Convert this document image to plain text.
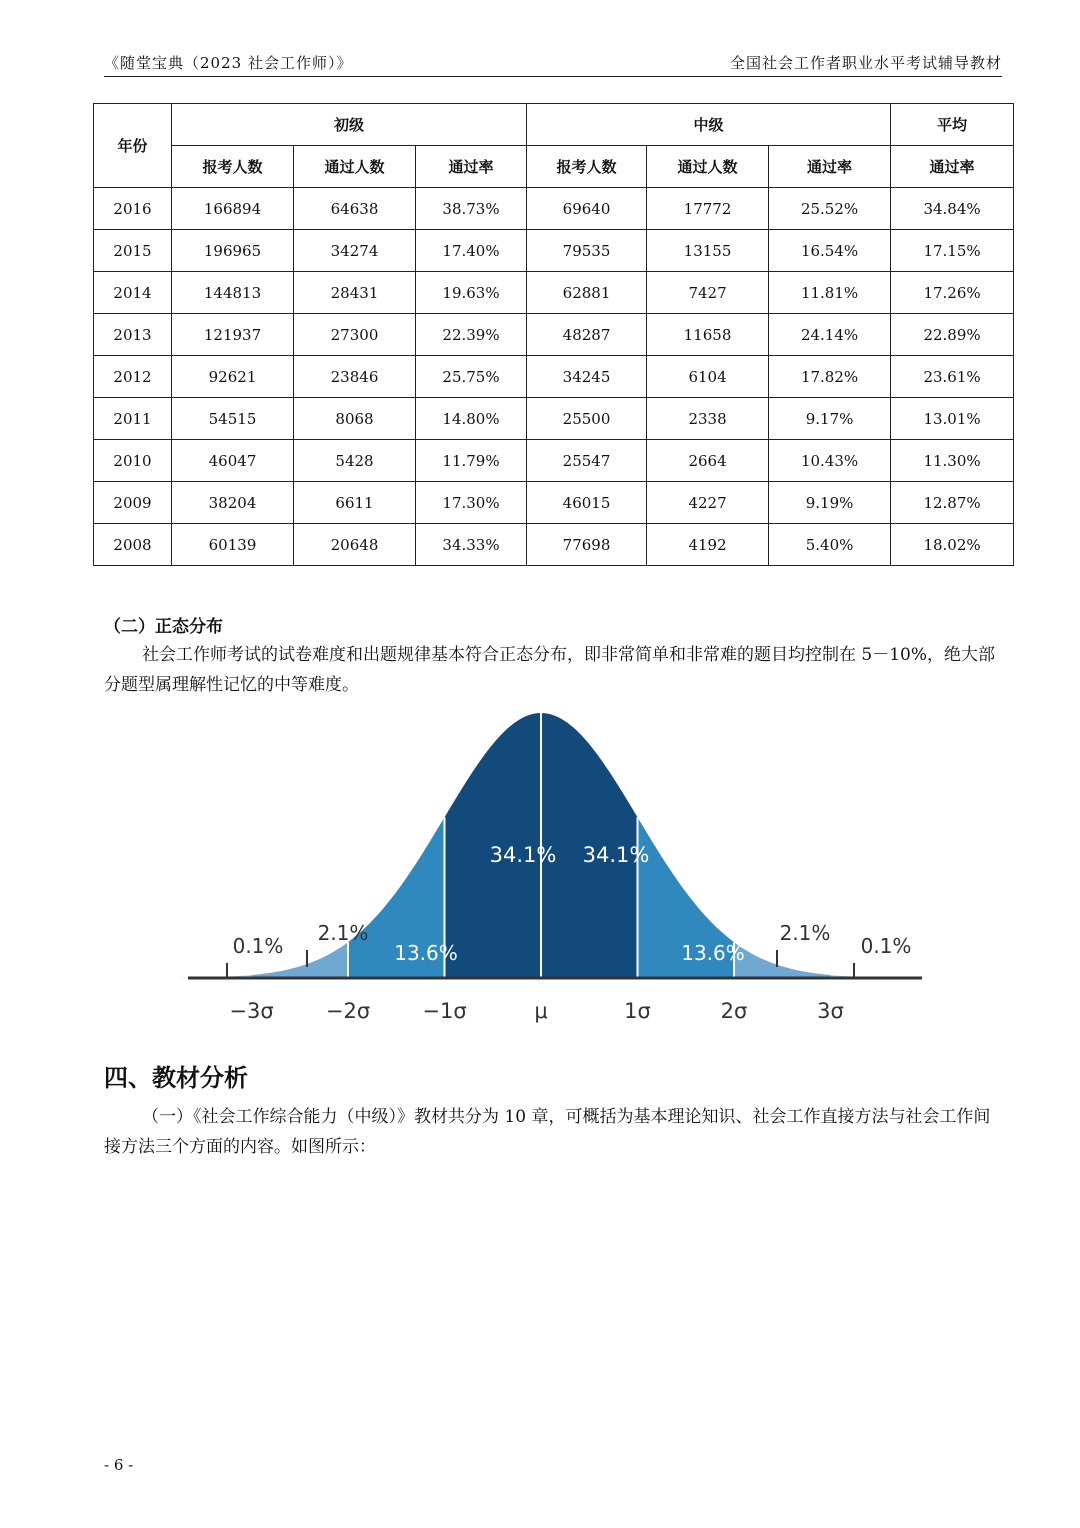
《随堂宝典（2023 社会工作师）》	全国社会工作者职业水平考试辅导教材
年份	初级			中级			平均
	报考人数	通过人数	通过率	报考人数	通过人数	通过率	通过率
2016	166894	64638	38.73%	69640	17772	25.52%	34.84%
2015	196965	34274	17.40%	79535	13155	16.54%	17.15%
2014	144813	28431	19.63%	62881	7427	11.81%	17.26%
2013	121937	27300	22.39%	48287	11658	24.14%	22.89%
2012	92621	23846	25.75%	34245	6104	17.82%	23.61%
2011	54515	8068	14.80%	25500	2338	9.17%	13.01%
2010	46047	5428	11.79%	25547	2664	10.43%	11.30%
2009	38204	6611	17.30%	46015	4227	9.19%	12.87%
2008	60139	20648	34.33%	77698	4192	5.40%	18.02%
（二）正态分布
社会工作师考试的试卷难度和出题规律基本符合正态分布，即非常简单和非常难的题目均控制在 5－10%，绝大部分题型属理解性记忆的中等难度。
−3σ −2σ −1σ	μ	1σ	2σ	3σ
0.1%
2.1%
13.6%
34.1% 34.1%
13.6%
2.1%
0.1%
四、教材分析
（一）《社会工作综合能力（中级）》教材共分为 10 章，可概括为基本理论知识、社会工作直接方法与社会工作间接方法三个方面的内容。如图所示：
- 6 -
